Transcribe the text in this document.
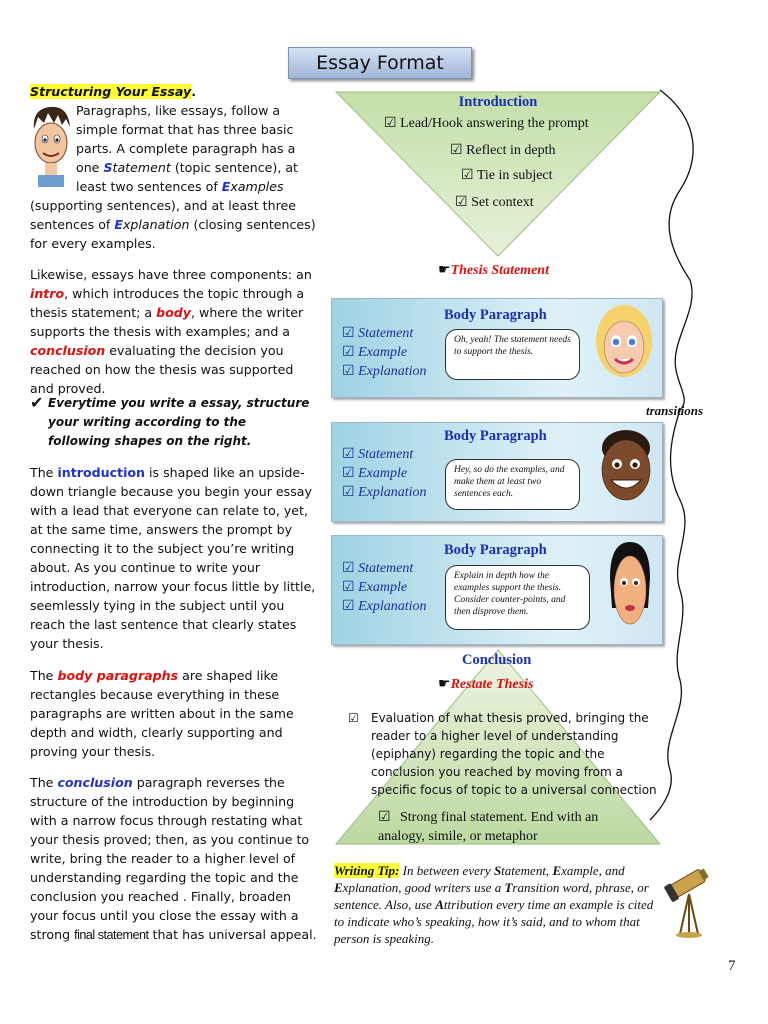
Essay Format

Structuring Your Essay.

Paragraphs, like essays, follow a simple format that has three basic parts. A complete paragraph has a one Statement (topic sentence), at least two sentences of Examples (supporting sentences), and at least three sentences of Explanation (closing sentences) for every examples.
Likewise, essays have three components: an intro, which introduces the topic through a thesis statement; a body, where the writer supports the thesis with examples; and a conclusion evaluating the decision you reached on how the thesis was supported and proved.
✔ Everytime you write a essay, structure your writing according to the following shapes on the right.
The introduction is shaped like an upside-down triangle because you begin your essay with a lead that everyone can relate to, yet, at the same time, answers the prompt by connecting it to the subject you’re writing about. As you continue to write your introduction, narrow your focus little by little, seemlessly tying in the subject until you reach the last sentence that clearly states your thesis.
The body paragraphs are shaped like rectangles because everything in these paragraphs are written about in the same depth and width, clearly supporting and proving your thesis.
The conclusion paragraph reverses the structure of the introduction by beginning with a narrow focus through restating what your thesis proved; then, as you continue to write, bring the reader to a higher level of understanding regarding the topic and the conclusion you reached . Finally, broaden your focus until you close the essay with a strong final statement that has universal appeal.
transitions
Introduction
☑ Lead/Hook answering the prompt
☑ Reflect in depth
☑ Tie in subject
☑ Set context
☛Thesis Statement
Body Paragraph
☑ Statement
☑ Example
☑ Explanation
Oh, yeah! The statement needs to support the thesis.
Body Paragraph
☑ Statement
☑ Example
☑ Explanation
Hey, so do the examples, and make them at least two sentences each.
Body Paragraph
☑ Statement
☑ Example
☑ Explanation
Explain in depth how the examples support the thesis. Consider counter-points, and then disprove them.
Conclusion
☛Restate Thesis
☑	Evaluation of what thesis proved, bringing the reader to a higher level of understanding (epiphany) regarding the topic and the conclusion you reached by moving from a specific focus of topic to a universal connection
☑ Strong final statement. End with an analogy, simile, or metaphor
Writing Tip: In between every Statement, Example, and Explanation, good writers use a Transition word, phrase, or sentence. Also, use Attribution every time an example is cited to indicate who’s speaking, how it’s said, and to whom that person is speaking.
7
